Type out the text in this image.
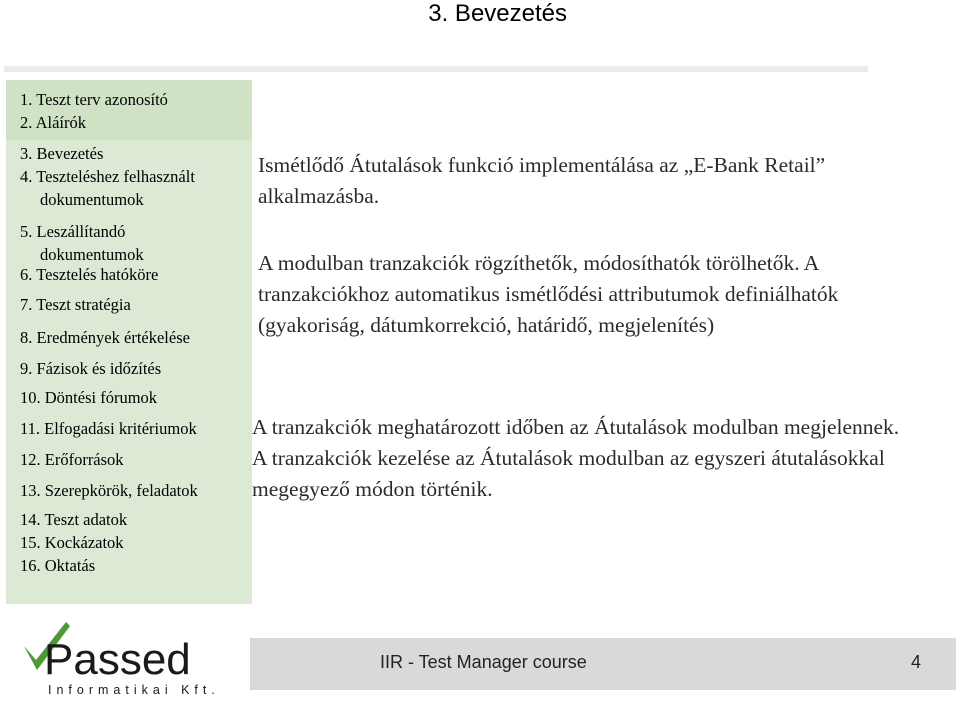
3. Bevezetés
1. Teszt terv azonosító
2. Aláírók
3. Bevezetés
4. Teszteléshez felhasznált
dokumentumok
5. Leszállítandó
dokumentumok
6. Tesztelés hatóköre
7. Teszt stratégia
8. Eredmények értékelése
9. Fázisok és időzítés
10. Döntési fórumok
11. Elfogadási kritériumok
12. Erőforrások
13. Szerepkörök, feladatok
14. Teszt adatok
15. Kockázatok
16. Oktatás

Ismétlődő Átutalások funkció implementálása az „E-Bank Retail” alkalmazásba.

A modulban tranzakciók rögzíthetők, módosíthatók törölhetők. A tranzakciókhoz automatikus ismétlődési attributumok definiálhatók (gyakoriság, dátumkorrekció, határidő, megjelenítés)

A tranzakciók meghatározott időben az Átutalások modulban megjelennek. A tranzakciók kezelése az Átutalások modulban az egyszeri átutalásokkal megegyező módon történik.

Passed
Informatikai Kft.
IIR - Test Manager course	4
